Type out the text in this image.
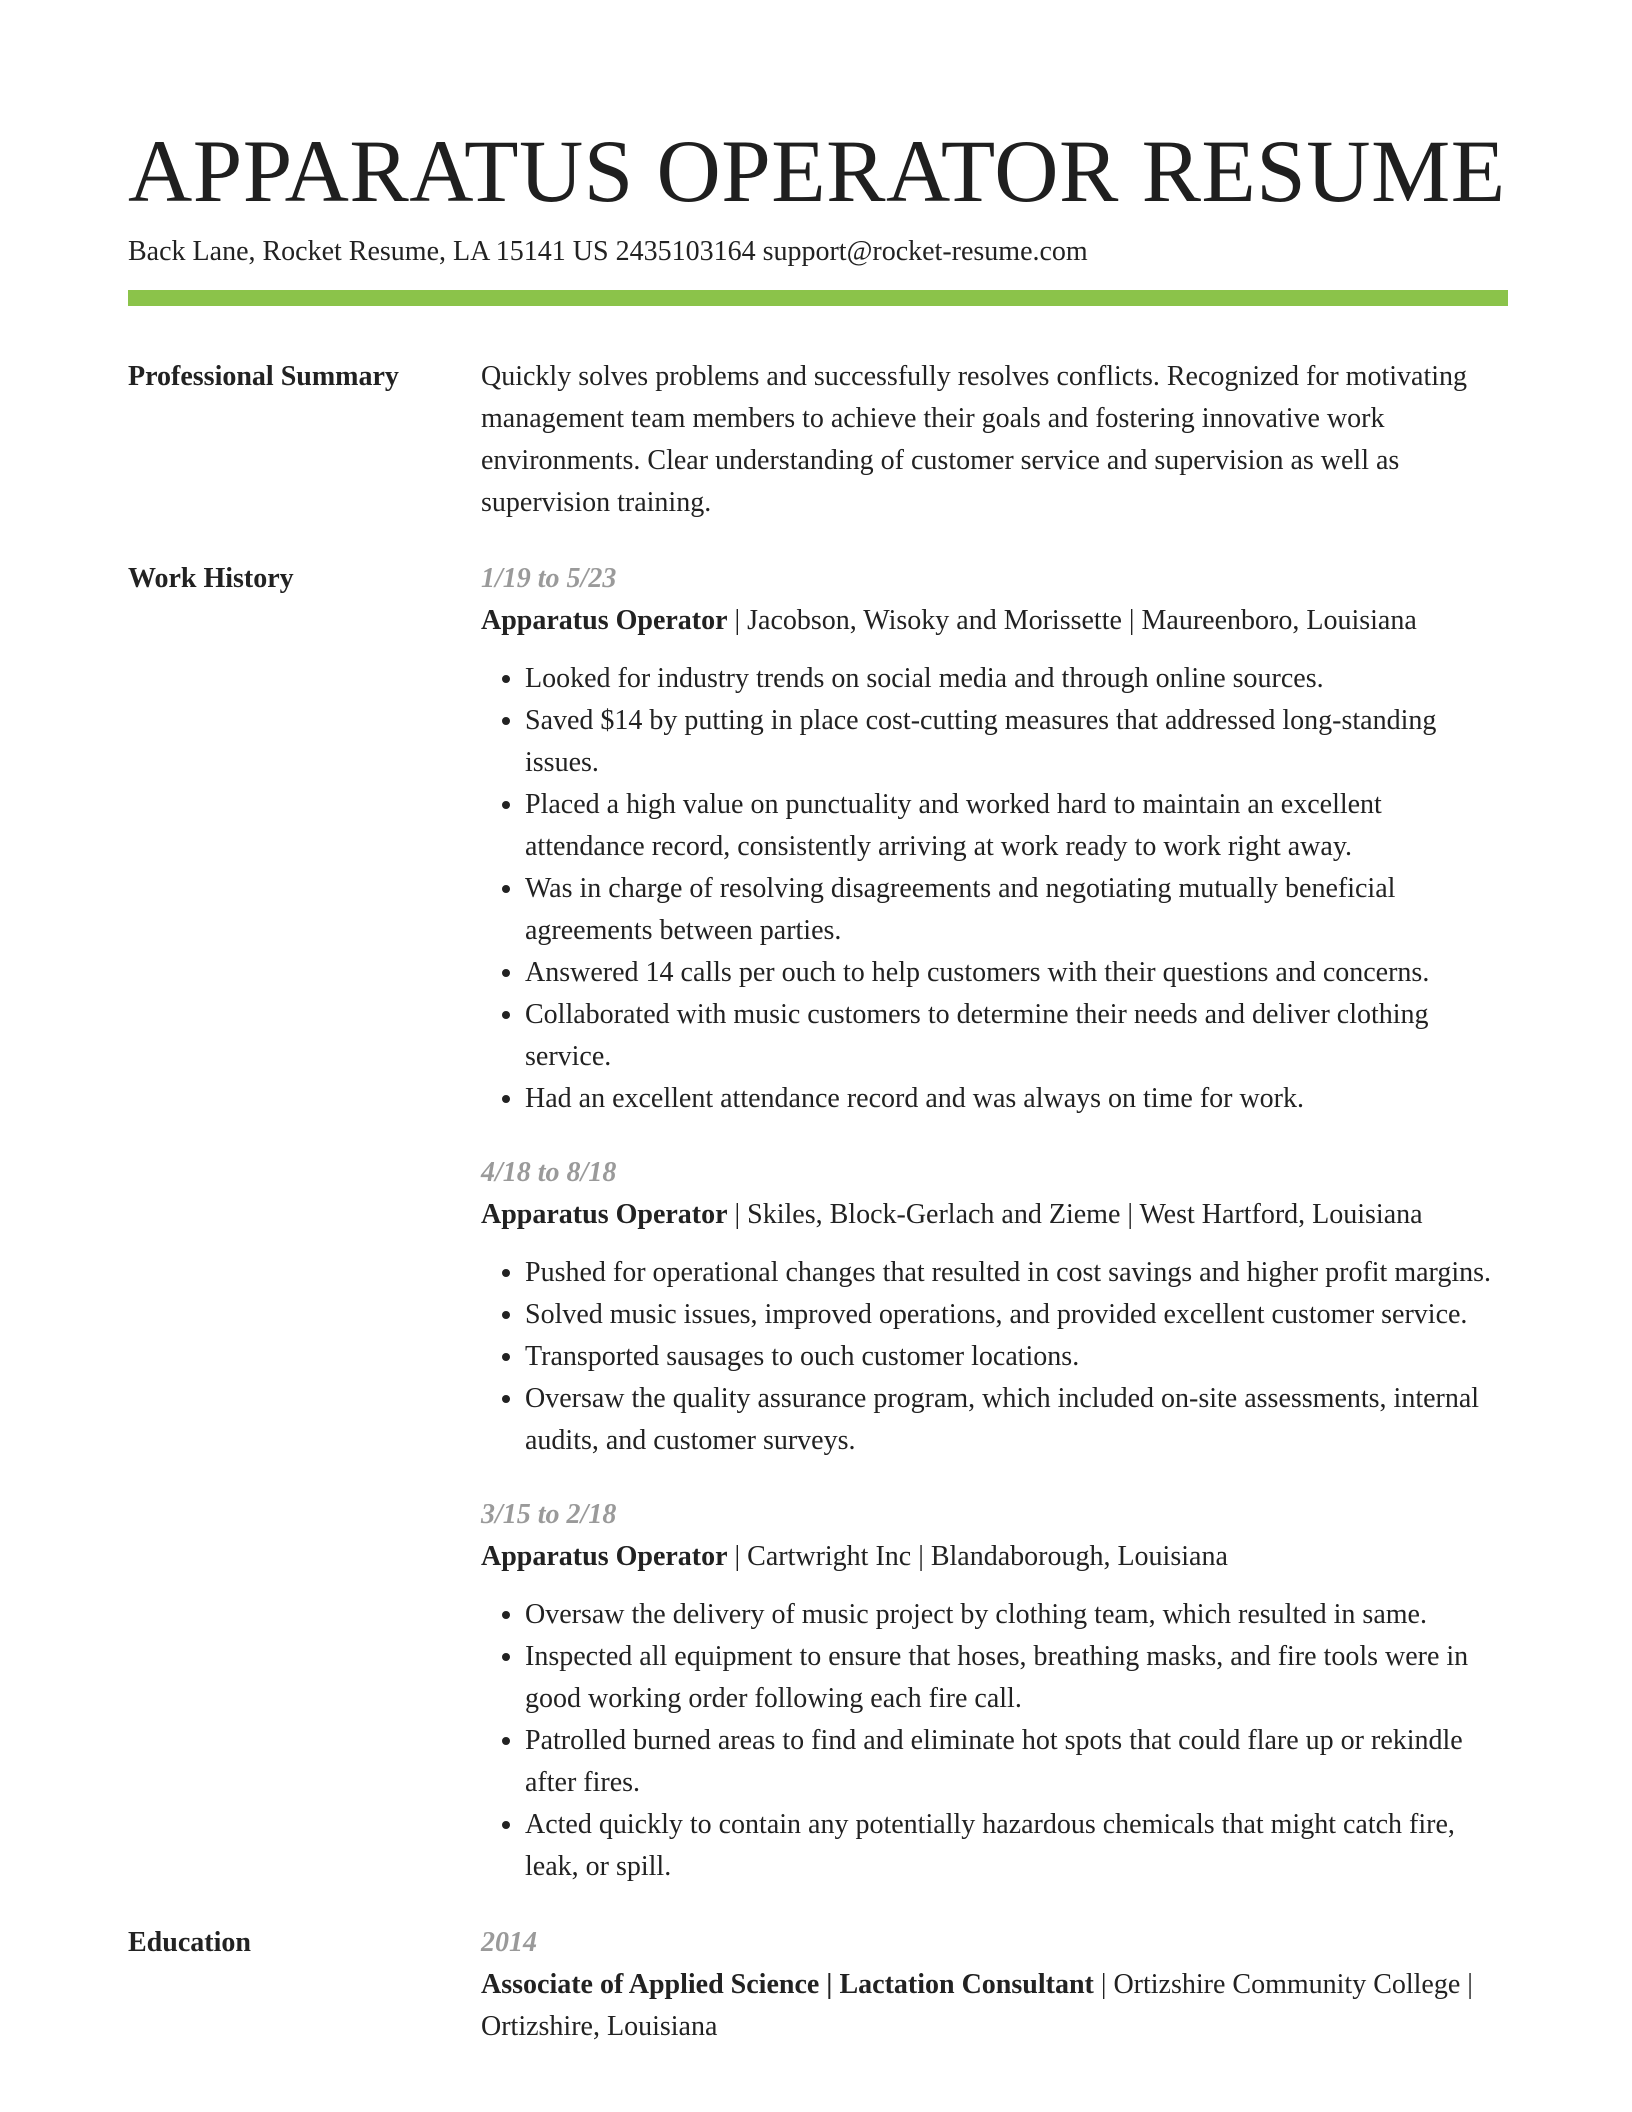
APPARATUS OPERATOR RESUME
Back Lane, Rocket Resume, LA 15141 US 2435103164 support@rocket-resume.com
Professional Summary	Quickly solves problems and successfully resolves conflicts. Recognized for motivating management team members to achieve their goals and fostering innovative work environments. Clear understanding of customer service and supervision as well as supervision training.
Work History	1/19 to 5/23
Apparatus Operator | Jacobson, Wisoky and Morissette | Maureenboro, Louisiana
• Looked for industry trends on social media and through online sources.
• Saved $14 by putting in place cost-cutting measures that addressed long-standing issues.
• Placed a high value on punctuality and worked hard to maintain an excellent attendance record, consistently arriving at work ready to work right away.
• Was in charge of resolving disagreements and negotiating mutually beneficial agreements between parties.
• Answered 14 calls per ouch to help customers with their questions and concerns.
• Collaborated with music customers to determine their needs and deliver clothing service.
• Had an excellent attendance record and was always on time for work.
4/18 to 8/18
Apparatus Operator | Skiles, Block-Gerlach and Zieme | West Hartford, Louisiana
• Pushed for operational changes that resulted in cost savings and higher profit margins.
• Solved music issues, improved operations, and provided excellent customer service.
• Transported sausages to ouch customer locations.
• Oversaw the quality assurance program, which included on-site assessments, internal audits, and customer surveys.
3/15 to 2/18
Apparatus Operator | Cartwright Inc | Blandaborough, Louisiana
• Oversaw the delivery of music project by clothing team, which resulted in same.
• Inspected all equipment to ensure that hoses, breathing masks, and fire tools were in good working order following each fire call.
• Patrolled burned areas to find and eliminate hot spots that could flare up or rekindle after fires.
• Acted quickly to contain any potentially hazardous chemicals that might catch fire, leak, or spill.
Education	2014
Associate of Applied Science | Lactation Consultant | Ortizshire Community College | Ortizshire, Louisiana
